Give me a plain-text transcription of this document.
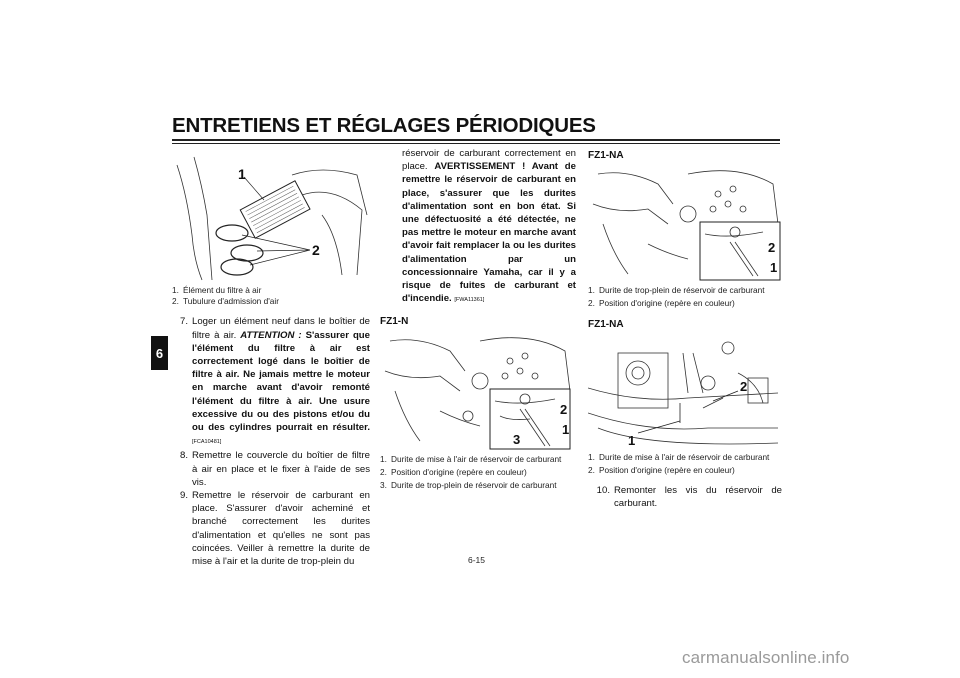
ENTRETIENS ET RÉGLAGES PÉRIODIQUES
6
1
2
1. Élément du filtre à air
2. Tubulure d'admission d'air
7. Loger un élément neuf dans le boîtier de filtre à air. ATTENTION : S'assurer que l'élément du filtre à air est correctement logé dans le boîtier de filtre à air. Ne jamais mettre le moteur en marche avant d'avoir remonté l'élément du filtre à air. Une usure excessive du ou des pistons et/ou du ou des cylindres pourrait en résulter. [FCA10481]
8. Remettre le couvercle du boîtier de filtre à air en place et le fixer à l'aide de ses vis.
9. Remettre le réservoir de carburant en place. S'assurer d'avoir acheminé et branché correctement les durites d'alimentation et qu'elles ne sont pas coincées. Veiller à remettre la durite de mise à l'air et la durite de trop-plein du
réservoir de carburant correctement en place. AVERTISSEMENT ! Avant de remettre le réservoir de carburant en place, s'assurer que les durites d'alimentation sont en bon état. Si une défectuosité a été détectée, ne pas mettre le moteur en marche avant d'avoir fait remplacer la ou les durites d'alimentation par un concessionnaire Yamaha, car il y a risque de fuites de carburant et d'incendie. [FWA11361]
FZ1-N
2
1
3
1. Durite de mise à l'air de réservoir de carburant
2. Position d'origine (repère en couleur)
3. Durite de trop-plein de réservoir de carburant
FZ1-NA
2
1
1. Durite de trop-plein de réservoir de carburant
2. Position d'origine (repère en couleur)
FZ1-NA
2
1
1. Durite de mise à l'air de réservoir de carburant
2. Position d'origine (repère en couleur)
10. Remonter les vis du réservoir de carburant.
6-15
carmanualsonline.info
